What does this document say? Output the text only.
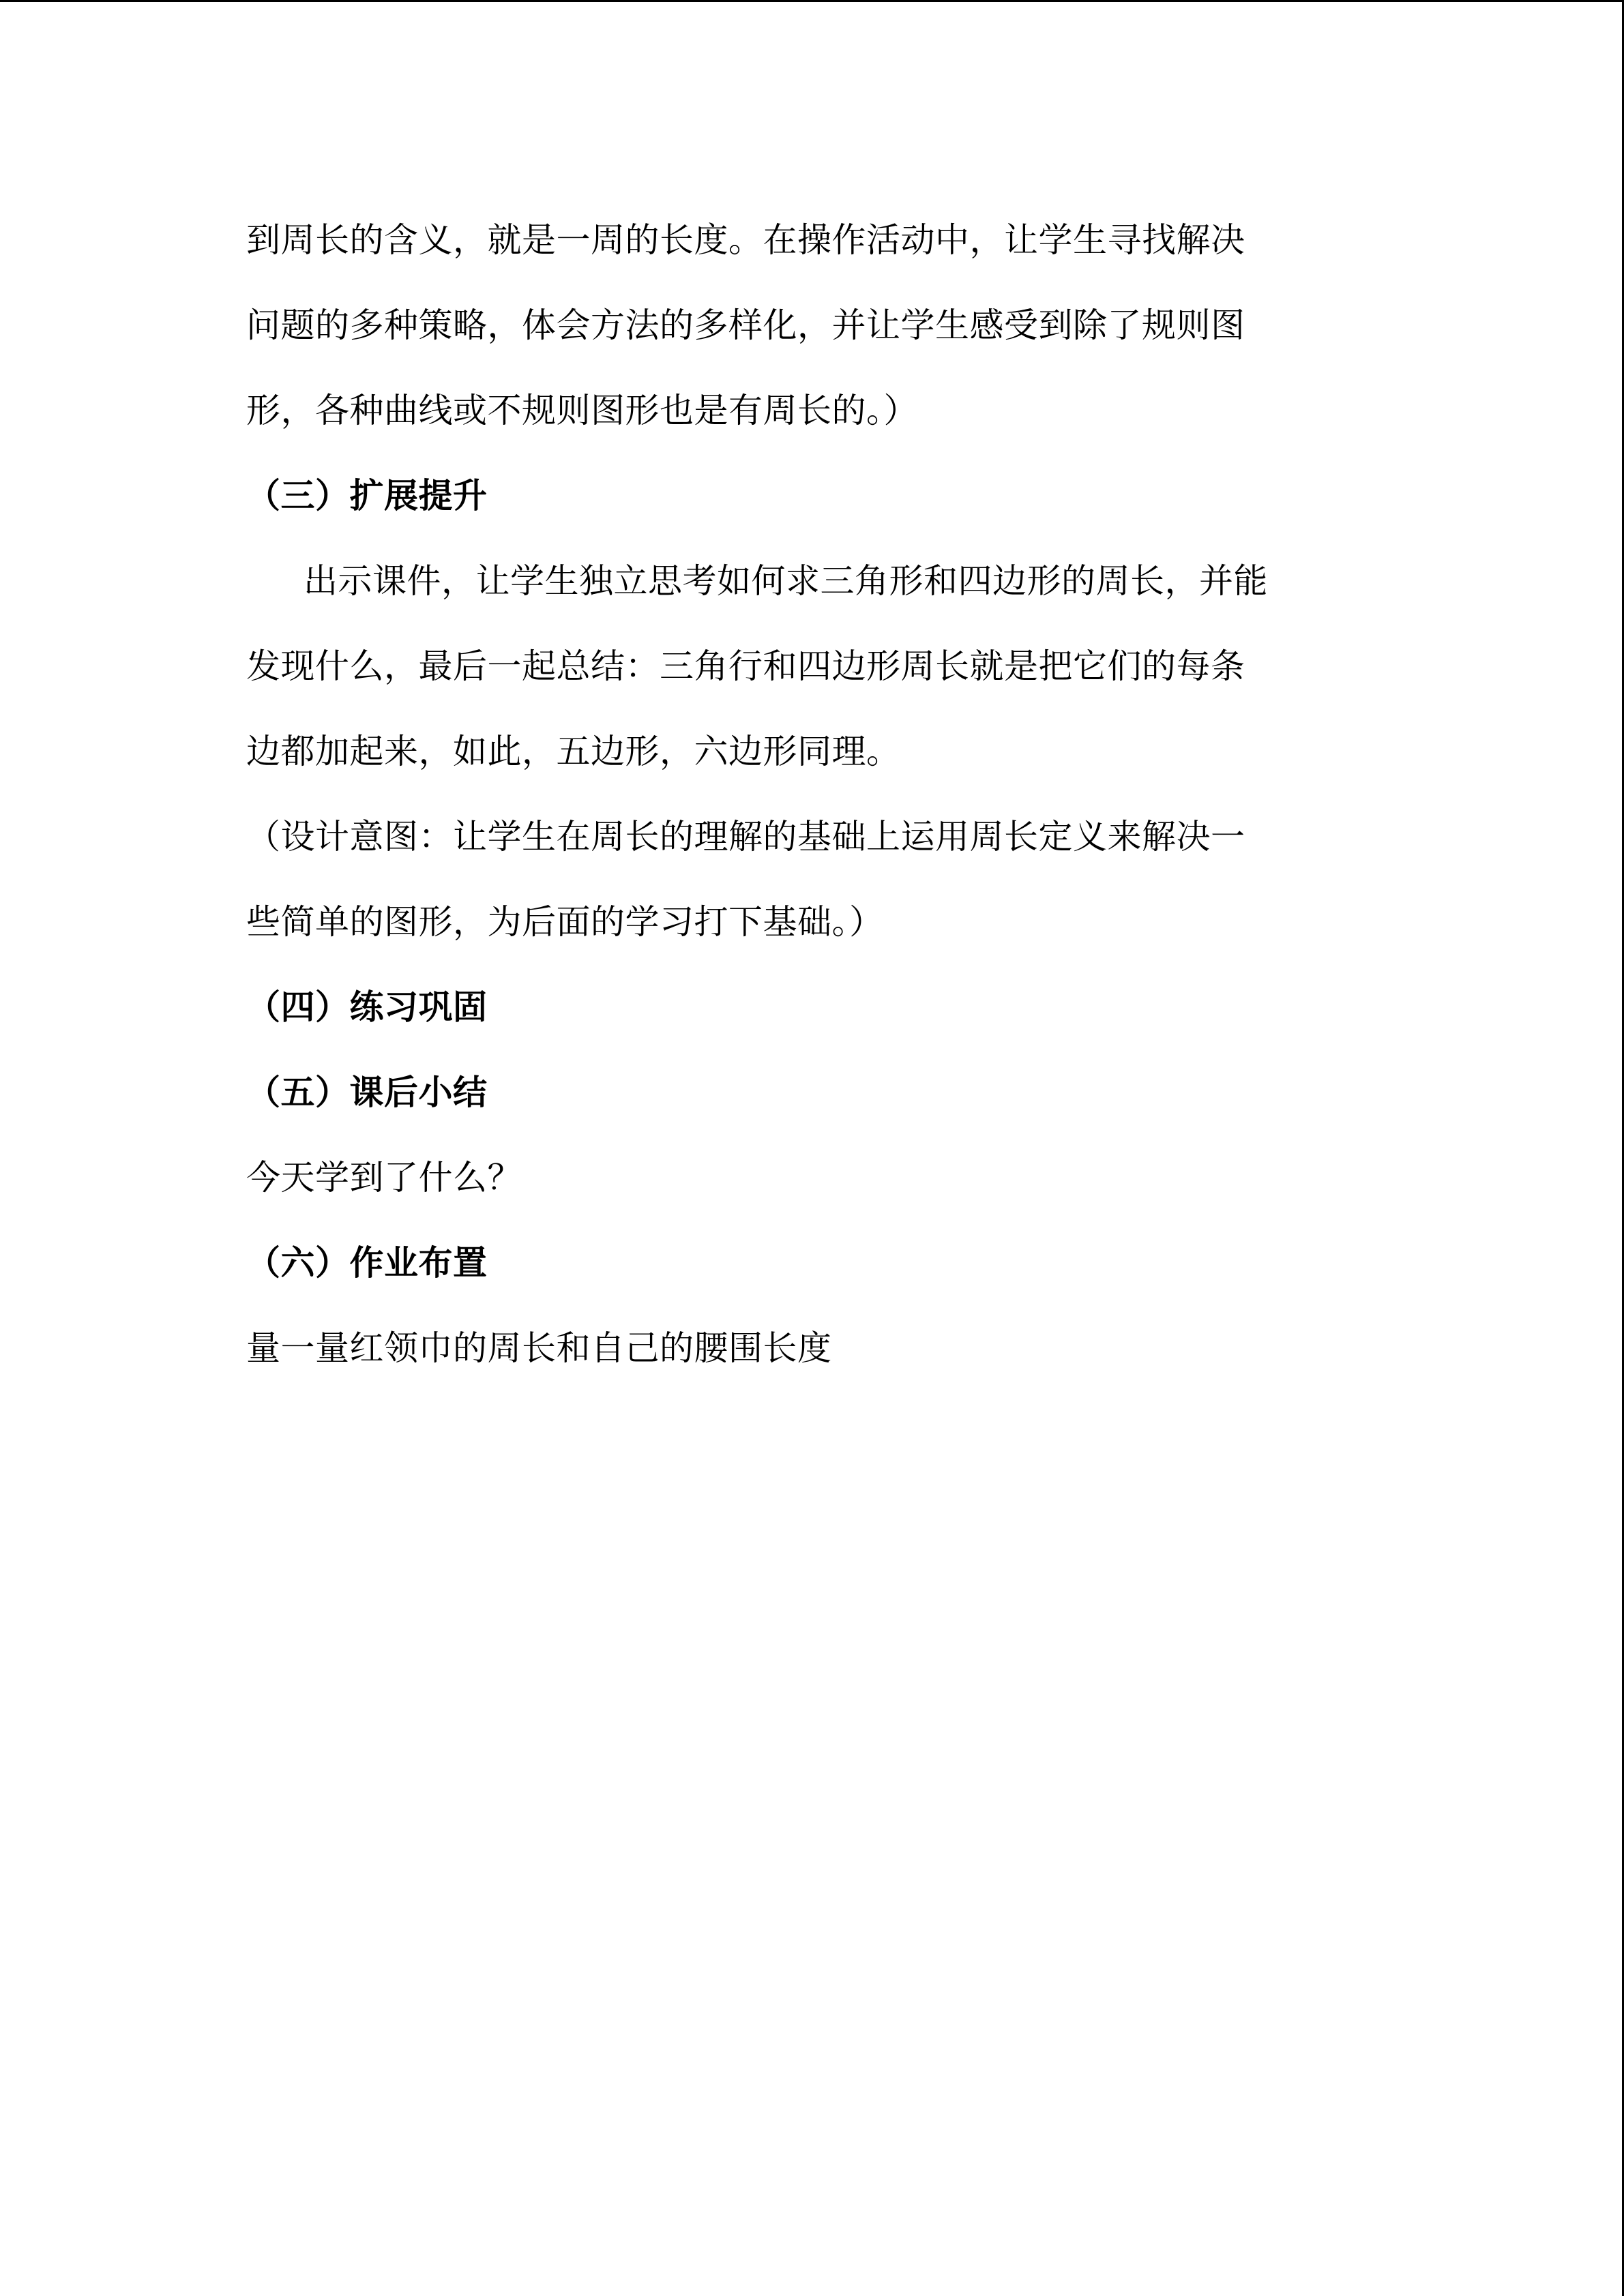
到周长的含义，就是一周的长度。在操作活动中，让学生寻找解决
问题的多种策略，体会方法的多样化，并让学生感受到除了规则图
形，各种曲线或不规则图形也是有周长的。）
（三）扩展提升
出示课件，让学生独立思考如何求三角形和四边形的周长，并能
发现什么，最后一起总结：三角行和四边形周长就是把它们的每条
边都加起来，如此，五边形，六边形同理。
（设计意图：让学生在周长的理解的基础上运用周长定义来解决一
些简单的图形，为后面的学习打下基础。）
（四）练习巩固
（五）课后小结
今天学到了什么？
（六）作业布置
量一量红领巾的周长和自己的腰围长度
